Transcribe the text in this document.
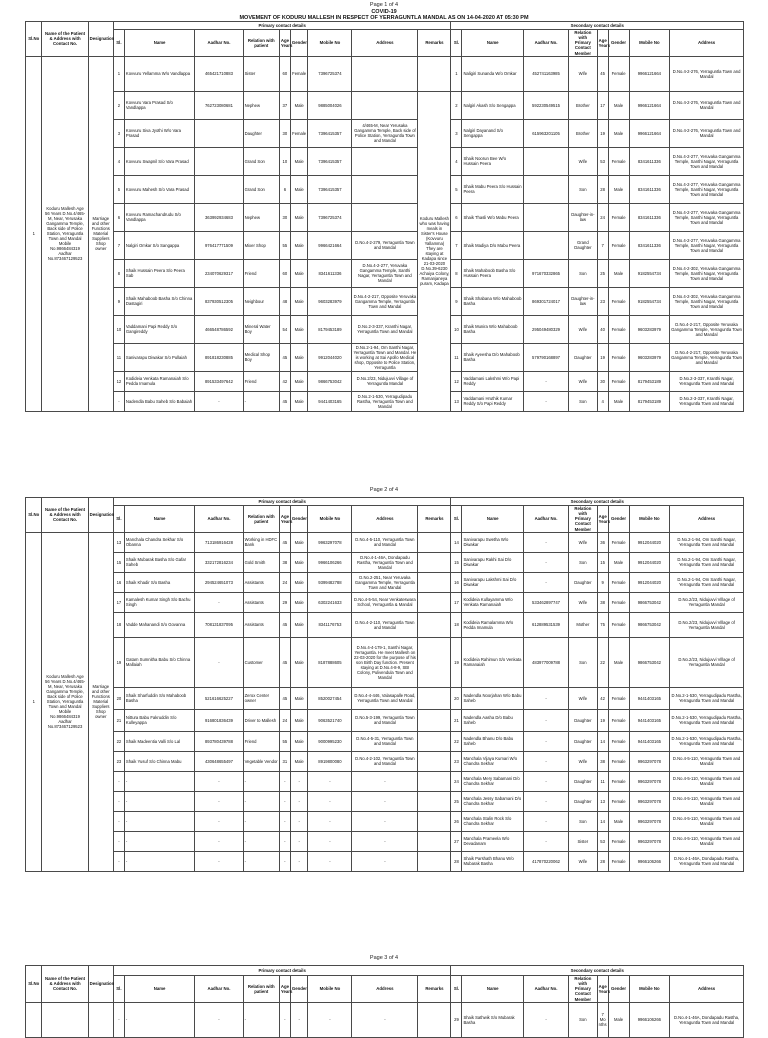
Page 1 of 4
COVID-19
MOVEMENT OF KODURU MALLESH IN RESPECT OF YERRAGUNTLA MANDAL AS ON 14-04-2020 AT 05:30 PM
Sl.No	Name of the Patient & Address with Contact No.	Designation	Primary contact details									Secondary contact details							
			Sl.	Name	Aadhar No.	Relation with patient	Age Years	Gender	Mobile No	Address	Remarks	Sl.	Name	Aadhar No.	Relation with Primary Contact Member	Age Years	Gender	Mobile No	Address
1	Koduru Mallesh Age 56 Years D.No.4/465-M, Near, Yerusaka Gangamma Temple, Back side of Police Station, Yerraguntla Town and Mandal Mobile No.9866484319 Aadhar No.873467129523	Marriage and other Functions Material Suppliers Shop owner	1	Kovvuru Yellamma W/o Vandlappa	465421710883	Sister	60	Female	7396725374			1	Naligiri Sunanda W/o Omkar	452741163985	Wife	45	Female	9966121664	D.No.4-2-276, Yerraguntla Town and Mandal
			2	Kovvuru Vara Prasad S/o Vandlappa	762723080681	Nephew	37	Male	9885004026		Koduru Mallesh who was having meals in Sister's House (Kovvuru Yallamma) They are staying at Kadapa since 21-03-2020 D.No.39-6230 Achaiya Colony, Ramanjaneya puram, Kadapa	2	Nalgiri Akash S/o Sengappa	592230549515	Brother	17	Male	9966121664	D.No.4-2-276, Yerraguntla Town and Mandal
			3	Kovvuru Siva Jyothi W/o Vara Prasad		Daughter	30	Female	7396415357	4/465-M, Near Yerusaka Gangamma Temple, Back side of Police Station, Yerraguntla Town and Mandal		3	Nalgiri Dayanand S/o Sengappa	615963201105	Brother	19	Male	9966121664	D.No.4-2-276, Yerraguntla Town and Mandal
			4	Kovvuru Swapnil S/o Vara Prasad		Grand Son	10	Male	7396415357			4	Shaik Noorun Bee W/o Hussain Peera		Wife	53	Female	8341611336	D.No.4-2-277, Yeruvaka Gangamma Temple, Santhi Nagar, Yerraguntla Town and Mandal
			5	Kovvuru Mahesh S/o Vara Prasad		Grand Son	6	Male	7396415357			5	Shaik Mabu Peera S/o Hussain Peera		Son	28	Male	8341611336	D.No.4-2-277, Yeruvaka Gangamma Temple, Santhi Nagar, Yerraguntla Town and Mandal
			6	Kovvuru Ramachandrudu S/o Vandlappa	363992934683	Nephew	30	Male	7396725374			6	Shaik Thasli W/o Mabu Peera		Daughter-in-law	24	Female	8341611336	D.No.4-2-277, Yeruvaka Gangamma Temple, Santhi Nagar, Yerraguntla Town and Mandal
			7	Nalgiri Omkar S/o Sangappa	976417771509	Mixer Shop	55	Male	9966421664	D.No.4-2-279, Yerraguntla Town and Mandal		7	Shaik Madiya D/o Mabu Peera		Grand Daughter	7	Female	8341611336	D.No.4-2-277, Yeruvaka Gangamma Temple, Santhi Nagar, Yerraguntla Town and Mandal
			8	Shaik Hussain Peera S/o Peera Sab	234070629317	Friend	60	Male	8341611336	D.No.4-2-277, Yeruvaka Gangamma Temple, Santhi Nagar, Yerraguntla Town and Mandal		8	Shaik Mahaboob Basha S/o Hussain Peera	971670332865	Son	25	Male	9182554734	D.No.4-2-302, Yeruvaka Gangamma Temple, Santhi Nagar, Yerraguntla Town and Mandal
			9	Shaik Mahaboob Basha S/o Chinna Dastagiri	837930512305	Neighbour	48	Male	9603283979	D.No.4-2-217, Opposite Yeruvaka Gangamma Temple, Yerraguntla Town and Mandal		9	Shaik Shabana W/o Mahaboob Basha	869301724017	Daughter-in-law	23	Female	9182554734	D.No.4-2-302, Yeruvaka Gangamma Temple, Santhi Nagar, Yerraguntla Town and Mandal
			10	Vaddamani Papi Reddy S/o Gangireddy	466548786592	Mineral Water Boy	54	Male	8179453189	D.No.2-3-337, Kranthi Nagar, Yerraguntla Town and Mandal		10	Shaik Munira W/o Mahaboob Basha	295049480329	Wife	40	Female	9603283979	D.No.4-2-217, Opposite Yeruvaka Gangamma Temple, Yerraguntla Town and Mandal
			11	Sanivarapu Diwakar S/o Pullaiah	891818230885	Medical Shop Boy	45	Male	9912044020	D.No.2-1-94, Om Santhi Nagar, Yerraguntla Town and Mandal. He is working at Sai Apollo Medical shop, Opposite to Police Station, Yerraguntla		11	Shaik Ayeesha D/o Mahaboob Basha	579790168897	Daughter	19	Female	9603283979	D.No.4-2-217, Opposite Yeruvaka Gangamma Temple, Yerraguntla Town and Mandal
			12	Kodideia Venkata Ramanaiah S/o Pedda Imamula	891533497642	Friend	42	Male	9866753042	D.No.2/23, Nidujuvvi Village of Yerraguntla Mandal		12	Vaddamani Lakshmi W/o Papi Reddy	-	Wife	30	Female	8179453189	D.No.2-3-337, Kranthi Nagar, Yerraguntla Town and Mandal
			-	Nadendla Babu Saheb S/o Babaiah	-	-	45	Male	9441403165	D.No.2-1-530, Yerragudipadu Rastha, Yerraguntla Town and Mandal		13	Vaddamani Hruthik Kumar Reddy S/o Papi Reddy	-	Son	4	Male	8179453189	D.No.2-3-337, Kranthi Nagar, Yerraguntla Town and Mandal
Page 2 of 4
Sl.No	Name of the Patient & Address with Contact No.	Designation	Primary contact details									Secondary contact details							
			Sl.	Name	Aadhar No.	Relation with patient	Age Years	Gender	Mobile No	Address	Remarks	Sl.	Name	Aadhar No.	Relation with Primary Contact Member	Age Years	Gender	Mobile No	Address
1	Koduru Mallesh Age 56 Years D.No.4/465-M, Near, Yerusaka Gangamma Temple, Back side of Police Station, Yerraguntla Town and Mandal Mobile No.9866484319 Aadhar No.873467129523	Marriage and other Functions Material Suppliers Shop owner	13	Manchala Chandra Sekhar S/o Obanna	713186916428	Working in HDFC Bank	45	Male	9963297078	D.No.4-5-110, Yerraguntla Town and Mandal		14	Sanivarapu Swetha W/o Diwakar	-	Wife	36	Female	9912044020	D.No.2-1-94, Om Santhi Nagar, Yerraguntla Town and Mandal
			15	Shaik Mubarak Basha S/o Gafar Saheb	332172816234	Gold Smith	38	Male	9966106266	D.No.4-1-46A, Dondapadu Rastha, Yerraguntla Town and Mandal		15	Sanivarapu Rakhi Sai D/o Diwakar	-	Son	15	Male	9912044020	D.No.2-1-94, Om Santhi Nagar, Yerraguntla Town and Mandal
			16	Shaik Khadir S/o Basha	294524651073	Assistants	24	Male	9399482788	D.No.2-251, Near Yeruvaka Gangamma Temple, Yerraguntla Town and Mandal		16	Sanivarapu Lakshmi Sai D/o Diwakar	-	Daughter	9	Female	9912044020	D.No.2-1-94, Om Santhi Nagar, Yerraguntla Town and Mandal
			17	Kamalesh Kumar Singh S/o Bachu Singh	-	Assistants	29	Male	6302241633	D.No.4-5-54, Near Venkateswara School, Yerraguntla & Mandal		17	Kodideia Kullayamma W/o Venkata Ramanaiah	533462897747	Wife	38	Female	9866753042	D.No.2/23, Nidujuvvi Village of Yerraguntla Mandal
			18	Vadde Mahanandi S/o Govanna	708131837095	Assistants	45	Male	8341176753	D.No.4-2-110, Yerraguntla Town and Mandal		18	Kodideia Ramalamma W/o Pedda Imamula	612889531539	Mother	75	Female	9866753042	D.No.2/23, Nidujuvvi Village of Yerraguntla Mandal
			19	Gatam Sumnitha Babu S/o Chinna Mallaiah	-	Customer	45	Male	8187888605	D.No.4-4-179-1, Santhi Nagar, Yerraguntla. He meet Mallesh on 22-03-2020 for the purpose of his son Birth Day function. Present staying at D.No.4-8-9, SBI Colony, Pulivendula Town and Mandal		19	Kodideia Rahimun S/o Venkata Ramanaiah	483977009788	Son	22	Male	9866753042	D.No.2/23, Nidujuvvi Village of Yerraguntla Mandal
			20	Shaik Sharfuddin S/o Mahaboob Basha	521616625227	Zerox Center owner	45	Male	8520027454	D.No.4-4-446, Valasapalle Road, Yerraguntla Town and Mandal		20	Nadendla Noorjahan W/o Babu Saheb	-	Wife	42	Female	9441403165	D.No.2-1-530, Yerragudipadu Rastha, Yerraguntla Town and Mandal
			21	Nittura Babu Fakruddin S/o Kulleyappa	916801836439	Driver to Mallesh	24	Male	9063521740	D.No.5-3-199, Yerraguntla Town and Mandal		21	Nadendla Aasha D/o Babu Saheb	-	Daughter	19	Female	9441403165	D.No.2-1-530, Yerragudipadu Rastha, Yerraguntla Town and Mandal
			22	Shaik Madeentia Valli S/o Lal	893780439788	Friend	55	Male	9000995230	D.No.4-5-31, Yerraguntla Town and Mandal		22	Nadendla Bhanu D/o Babu Saheb	-	Daughter	14	Female	9441403165	D.No.2-1-530, Yerragudipadu Rastha, Yerraguntla Town and Mandal
			23	Shaik Yusuf S/o Chinna Mabu	430648655497	Vegetable Vendor	31	Male	8919800080	D.No.4-2-102, Yerraguntla Town and Mandal		23	Manchala Vijaya Kumari W/o Chandra Sekhar	-	Wife	38	Female	9963297078	D.No.4-5-110, Yerraguntla Town and Mandal
			-	-	-	-	-	-	-	-		24	Manchala Mery Sabamani D/o Chandra Sekhar	-	Daughter	11	Female	9963297078	D.No.4-5-110, Yerraguntla Town and Mandal
			-	-	-	-	-	-	-	-		25	Manchala Jessy Sabamani D/o Chandra Sekhar	-	Daughter	13	Female	9963297078	D.No.4-5-110, Yerraguntla Town and Mandal
			-	-	-	-	-	-	-	-		26	Manchala Stalin Rock S/o Chandra Sekhar	-	Son	14	Male	9963297078	D.No.4-5-110, Yerraguntla Town and Mandal
			-	-	-	-	-	-	-	-		27	Manchala Prameela W/o Devadanam	-	Sister	53	Female	9963297078	D.No.4-5-110, Yerraguntla Town and Mandal
			-	-	-	-	-	-	-	-		28	Shaik Parshath Bhanu W/o Mubarak Basha	417870220062	Wife	28	Female	9966106266	D.No.4-1-46A, Dondapadu Rastha, Yerraguntla Town and Mandal
Page 3 of 4
Sl.No	Name of the Patient & Address with Contact No.	Designation	Primary contact details									Secondary contact details							
			Sl.	Name	Aadhar No.	Relation with patient	Age Years	Gender	Mobile No	Address	Remarks	Sl.	Name	Aadhar No.	Relation with Primary Contact Member	Age Years	Gender	Mobile No	Address
			-	-	-	-	-	-	-	-		29	Shaik Sathwik S/o Mubarak Basha	-	Son	7 Mo nths	Male	9966106266	D.No.4-1-46A, Dondapadu Rastha, Yerraguntla Town and Mandal
